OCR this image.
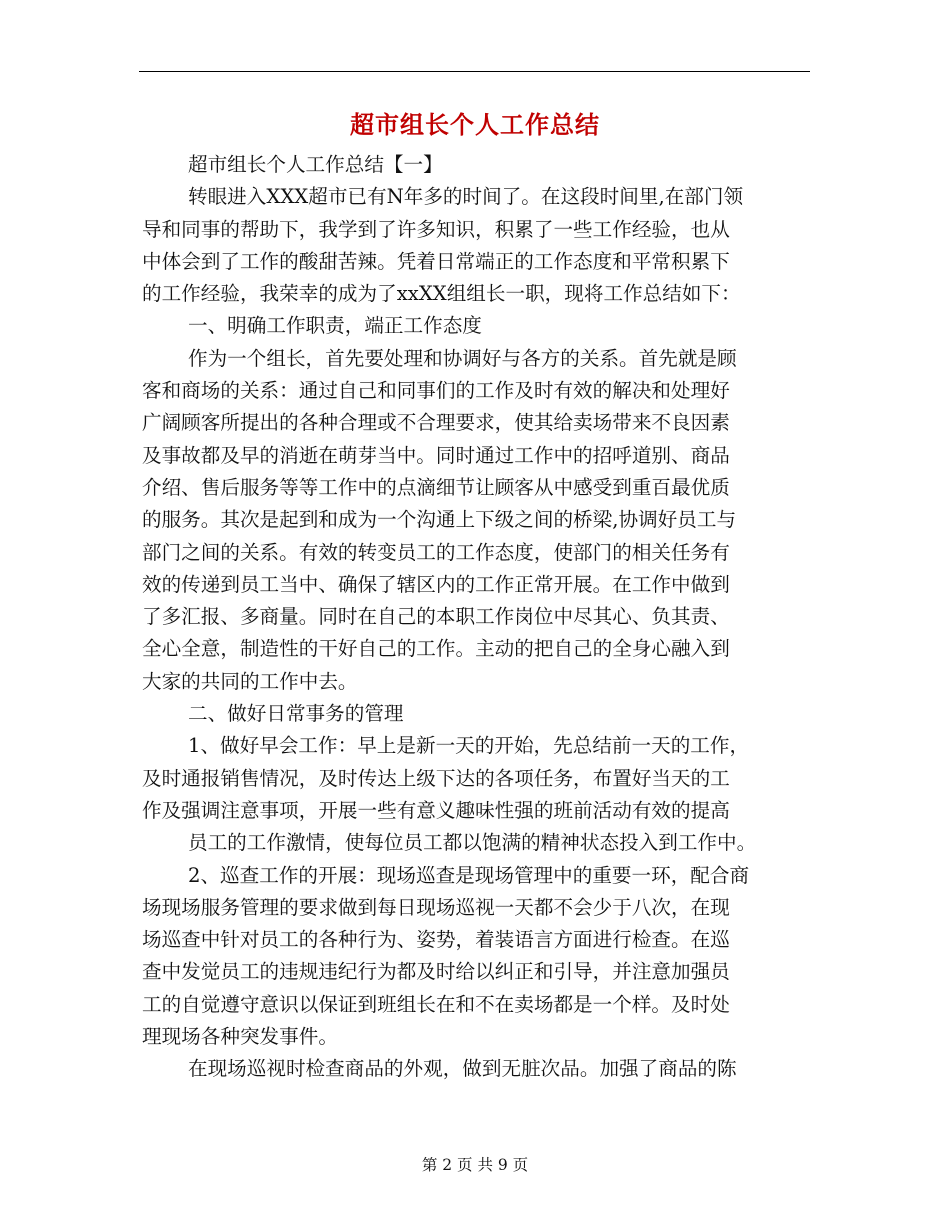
超市组长个人工作总结
超市组长个人工作总结【一】
转眼进入XXX超市已有N年多的时间了。在这段时间里,在部门领
导和同事的帮助下，我学到了许多知识，积累了一些工作经验，也从
中体会到了工作的酸甜苦辣。凭着日常端正的工作态度和平常积累下
的工作经验，我荣幸的成为了xxXX组组长一职，现将工作总结如下：
一、明确工作职责，端正工作态度
作为一个组长，首先要处理和协调好与各方的关系。首先就是顾
客和商场的关系：通过自己和同事们的工作及时有效的解决和处理好
广阔顾客所提出的各种合理或不合理要求，使其给卖场带来不良因素
及事故都及早的消逝在萌芽当中。同时通过工作中的招呼道别、商品
介绍、售后服务等等工作中的点滴细节让顾客从中感受到重百最优质
的服务。其次是起到和成为一个沟通上下级之间的桥梁,协调好员工与
部门之间的关系。有效的转变员工的工作态度，使部门的相关任务有
效的传递到员工当中、确保了辖区内的工作正常开展。在工作中做到
了多汇报、多商量。同时在自己的本职工作岗位中尽其心、负其责、
全心全意，制造性的干好自己的工作。主动的把自己的全身心融入到
大家的共同的工作中去。
二、做好日常事务的管理
1、做好早会工作：早上是新一天的开始，先总结前一天的工作，
及时通报销售情况，及时传达上级下达的各项任务，布置好当天的工
作及强调注意事项，开展一些有意义趣味性强的班前活动有效的提高
员工的工作激情，使每位员工都以饱满的精神状态投入到工作中。
2、巡查工作的开展：现场巡查是现场管理中的重要一环，配合商
场现场服务管理的要求做到每日现场巡视一天都不会少于八次，在现
场巡查中针对员工的各种行为、姿势，着装语言方面进行检查。在巡
查中发觉员工的违规违纪行为都及时给以纠正和引导，并注意加强员
工的自觉遵守意识以保证到班组长在和不在卖场都是一个样。及时处
理现场各种突发事件。
在现场巡视时检查商品的外观，做到无脏次品。加强了商品的陈
第 2 页 共 9 页
